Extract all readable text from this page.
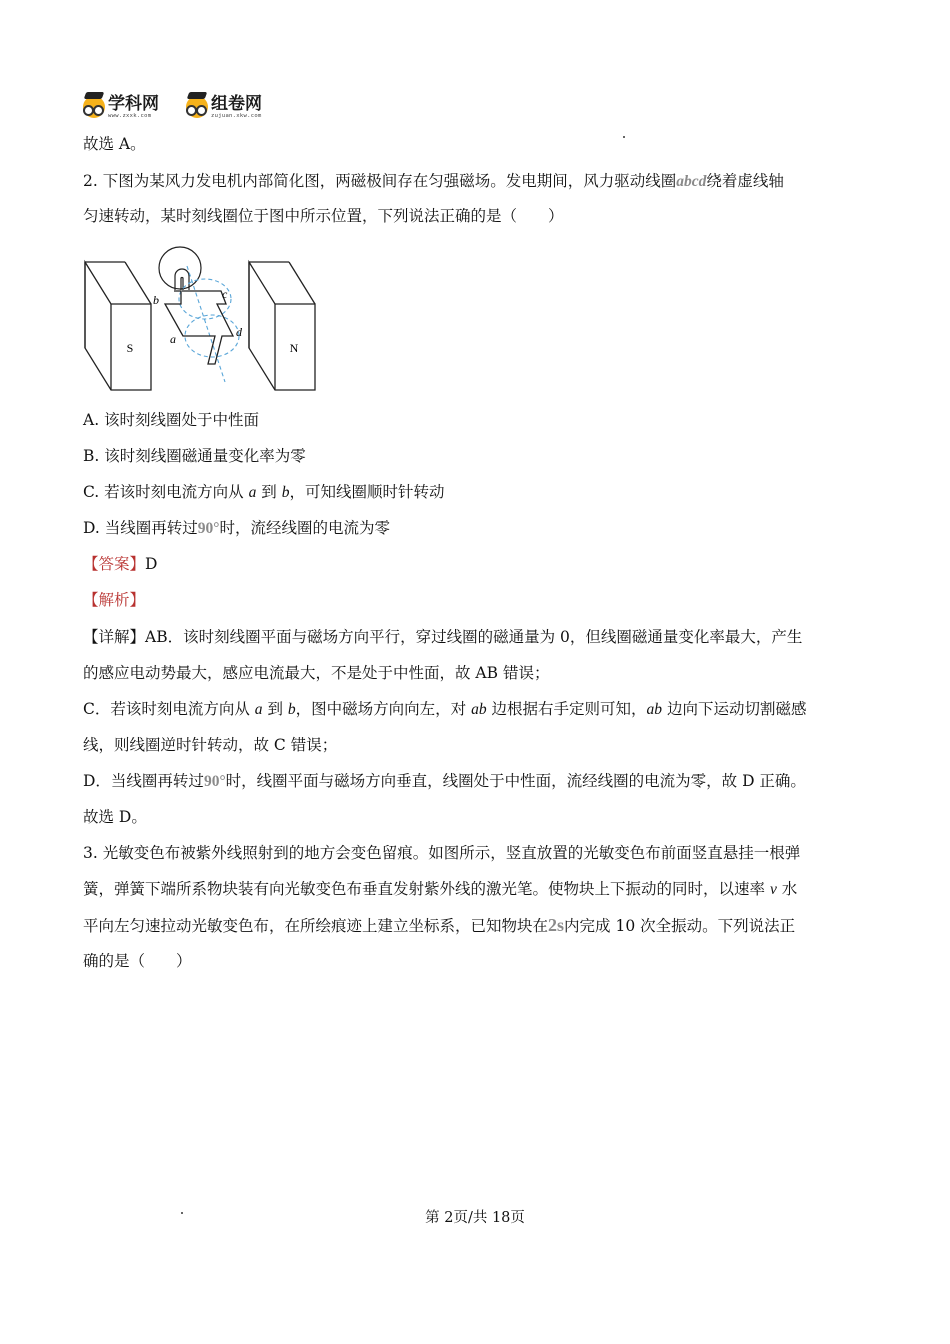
学科网
www.zxxk.com
组卷网
zujuan.xkw.com
故选 A。
2. 下图为某风力发电机内部简化图，两磁极间存在匀强磁场。发电期间，风力驱动线圈abcd绕着虚线轴
匀速转动，某时刻线圈位于图中所示位置，下列说法正确的是（　　）
S	N
b	c
a	d
A. 该时刻线圈处于中性面
B. 该时刻线圈磁通量变化率为零
C. 若该时刻电流方向从 a 到 b，可知线圈顺时针转动
D. 当线圈再转过90°时，流经线圈的电流为零
【答案】D
【解析】
【详解】AB．该时刻线圈平面与磁场方向平行，穿过线圈的磁通量为 0，但线圈磁通量变化率最大，产生
的感应电动势最大，感应电流最大，不是处于中性面，故 AB 错误；
C．若该时刻电流方向从 a 到 b，图中磁场方向向左，对 ab 边根据右手定则可知，ab 边向下运动切割磁感
线，则线圈逆时针转动，故 C 错误；
D．当线圈再转过90°时，线圈平面与磁场方向垂直，线圈处于中性面，流经线圈的电流为零，故 D 正确。
故选 D。
3. 光敏变色布被紫外线照射到的地方会变色留痕。如图所示，竖直放置的光敏变色布前面竖直悬挂一根弹
簧，弹簧下端所系物块装有向光敏变色布垂直发射紫外线的激光笔。使物块上下振动的同时，以速率 v 水
平向左匀速拉动光敏变色布，在所绘痕迹上建立坐标系，已知物块在2s内完成 10 次全振动。下列说法正
确的是（　　）
第 2页/共 18页
